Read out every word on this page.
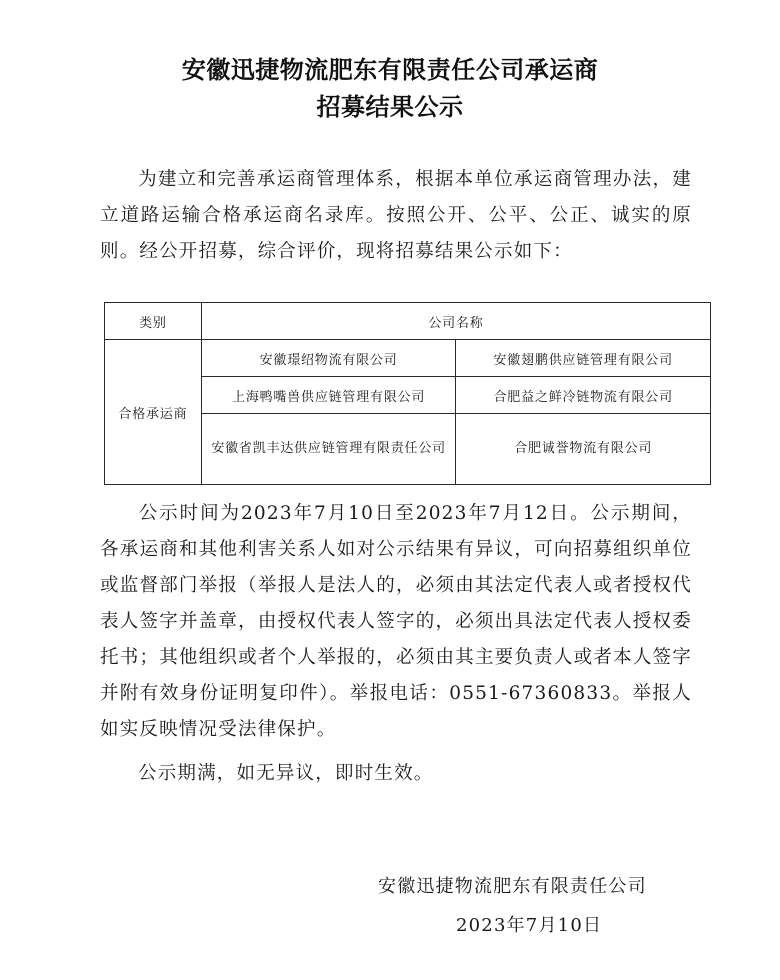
安徽迅捷物流肥东有限责任公司承运商
招募结果公示
为建立和完善承运商管理体系，根据本单位承运商管理办法，建立道路运输合格承运商名录库。按照公开、公平、公正、诚实的原则。经公开招募，综合评价，现将招募结果公示如下：
类别	公司名称	
合格承运商	安徽璟绍物流有限公司	安徽翅鹏供应链管理有限公司
	上海鸭嘴兽供应链管理有限公司	合肥益之鲜冷链物流有限公司
	安徽省凯丰达供应链管理有限责任公司	合肥诚誉物流有限公司
公示时间为2023年7月10日至2023年7月12日。公示期间，各承运商和其他利害关系人如对公示结果有异议，可向招募组织单位或监督部门举报（举报人是法人的，必须由其法定代表人或者授权代表人签字并盖章，由授权代表人签字的，必须出具法定代表人授权委托书；其他组织或者个人举报的，必须由其主要负责人或者本人签字并附有效身份证明复印件）。举报电话：0551-67360833。举报人如实反映情况受法律保护。
公示期满，如无异议，即时生效。
安徽迅捷物流肥东有限责任公司
2023年7月10日
